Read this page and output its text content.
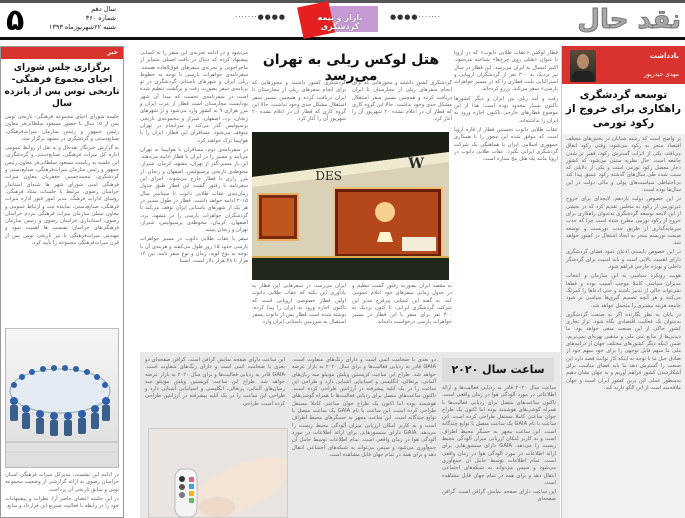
۵	سال دهم
شماره ۳۶۰
شنبه ۲۲شهریورماه ۱۳۹۳
·······●●●●	بازار و بیمه گردشگری
●●●●·······	نقد حال
یادداشت
مهدی حیدرپور
توسعه گردشگری راهکاری برای خروج از رکود تورمی

پر واضح است که رشته شتابان در بخش‌های مختلف اقتصاد منجر به رکود می‌شود، وقتی رکود اتفاق می‌افتد، یکی از اثرات گسترش رکود، فقیر تر شدن جامعه است. حال نظریه سنتی می‌شود که کشور دچار معضل رکود تورمی است و یکی از دلایلی که سبب شده طی سال‌های گذشته رکود عمیق پیدا کند بی‌احتیاطی سیاست‌های پولی و مالی دولت در این سال‌ها بوده است.

در این خصوص دولت یازدهم، لایحه‌ای برای خروج غیرتورمی از رکود به مجلس تقدیم کرد که در بخشی از این لایحه توسعه گردشگری به‌عنوان راهکاری برای خروج از رکود تورمی مطرح شده است چرا که جذب سرمایه‌گذاری از طریق جذب توریست و توسعه صنعت توریسم منجر به ایجاد اشتغال در کشور خواهد شد.

در این خصوص بایستی اذعان نمود فضای گردشگری دارای اهمیت بالایی است و باید امنیت برای گردشگر داخلی و بویژه خارجی فراهم شود.

هویت رویکرد سیاسی به این سازمان و انتخاب مدیران سیاسی کاملا موجب آسیب بوده و قطعا نمی‌تواند خالی از تدبیر باشند و حتی ادعاها را کمرنگ می‌کنند و هر آنچه تصمیم گیری‌ها سیاسی تر شود جامعه هزینه بیشتری را متحمل خواهد شد.

در پایان به نظر نگارنده اگر به صنعت گردشگری به‌عنوان یک فعالیت اقتصادی نگاه شود، تراز تجاری کشور حاکی از این صنعت منفی خواهد بود. ما دیدنی‌ها از منابع غنی ملی و مذهبی بهره‌ای نمی‌بریم، ضمن اینکه دیگر کشورهای مختلف جهان از درآمدهای ملی ما سهم قابل توجهی را برای خود سهم خود از صادق جبل ما با توجه به اینکه کار توانت قصد دارد این صنعت را گسترش دهد ما باید فضای مناسب برای آشکارشدن کشور فراهم آوریم و به جهان نشان دهیم به‌منظور عملی این ترین کشور ایران است و جهان ملاقه‌مند است از این الگو دارید کند.

قطار لوکس «عقاب طلایی دانوب» که در اروپا با عنوان «هتلی روی چرخ‌ها» شناخته می‌شود، اکتبر امسال به ایران می‌رسد. این قطار در سال نیز نزدیک به ۳۰۰ نفر از گردشگران اروپایی و استرالیایی بلیت قطاری را که در مسیر جواهرات پارسی» سفر می‌کند، رزرو کرده‌اند.

رفت و آمد ریلی بین ایران و دیگر کشورها تاکنون بسیار محدود بوده است؛ هدا از این موضوع قطارهای خارجی تاکنون اجازه ورود به ایران را نداشته‌اند.

عقاب طلایی دانوب نخستین قطار از قاره اروپا است که موفق شده این مجوز را با همکاری جمهوری اسلامی ایران با هماهنگی یک شرکت گردشگری ایرانی بگیرد. عقاب طلایی دانوب در اروپا مانند یک هتل پنج ستاره است.

هتل لوکس ریلی به تهران می‌رسد

گردشگری کشور داشتند و مجوزهایی که برای انجام سفرهای ریلی از مجارستان تا ایران دریافت کرده و همچنین مسیر سفر استقلال مشکل جدی وجود نداشت. حالا این گروه کاری که قطار آن در اعلام نشده ۲۰ شهریور آن را آغاز کرد.

گردشگری کشور داشتند و مجوزهایی که برای انجام سفرهای ریلی از مجارستان تا ایران دریافت کرده و همچنین مسیر سفر استقلال مشکل جدی وجود نداشت. حالا این گروه کاری که قطار آن در اعلام نشده ۲۰ شهریور آن را آغاز کرد.

DES
W

ایران می‌رسد. در سفرهایی این قطار به یادآوری این نکته که عقاب طلایی دانوب اولین قطار خصوصی اروپایی است که تاکنون اجازه ورود به ایران را پیدا کرده، نوشته شده است قطار پس از دانوب بسفر استقبال به سرزمین باستانی ایران وارد

به مقصد ایران بصورت رفتور گشت تنظیم و در جدول زمانی سفرهای خود اعلام عمومی کند. به گفته این کمپانی پیرفرج مدیر این شرکت گردشگری ایرانی، تا کنون نزدیک به ۳۰۰ نفر برای سفر با این قطار در مسیر جواهرات پارسی درخواست داده‌اند.

می‌شود و در ادامه تجربه‌ی این سفر را به کسانی پیشنهاد کرده که دنبال در بافت اصیلی متمایز از ماجراجویی و تجربه‌ی سفرهای فوق‌العاده هستند. سفرنامه‌ی جواهرات پارسی با توجه به خطوط ریلی ایران و شهرهای باستانی گردشگری در تو برنامه‌ی سفر بصورت رفت و برگشت تنظیم شده است در سفرنامه‌ی نخست که مبدا آن شهر بوداپست مجارستان است قطار از غرب ایران و مرز هرازی ۹ به کشور وارد می‌شود و از شهرهای زنجان، یزد، اصفهان، شیراز و مجموعه‌ی تاریخی پرسپولیس گذر می‌کند و سرانجام در تهران متوقف می‌شود. مسافران این قطار، ایران را با هواپیما ترک خواهند کرد.

در سفرنامه‌ی دوم، مسافران با هواپیما به تهران می‌آیند و مسیر را در ایران با قطار ادامه می‌دهند. این بار مسیر گذر از تهران، مشهد، کرمان، شیراز، محوطه‌ی تاریخی پرسپولیس، اصفهان و زنجان، از مرز رازی با قطار خارج می‌شوند. اجرای این سفرنامه با رفتور گشت این قطار طبق جدول زمان‌بندی عقاب طلایی دانوب تا سپتامبر سال ۲۰۱۵ ادامه خواهد داشت. قطار در طول مسیر در هر یک از شهرهای باستانی ایران توقف می‌کند تا گردشگران جواهرات پارسی را در مشهد، یزد، اصفهان، کرمان، محوطه‌ی پرسپولیس، شیراز، تهران و زنجان ببینند.

سفر با عقاب طلایی دانوب در مسیر جواهرات پارسی حدود ۱۵ روز طول می‌کشد و هزینه‌ی آن با توجه به نوع کوپه، زمان و نوع سفر نامه، بین ۱۴ هزار تا ۳۸ هزار دلار است. ایسنا

ساعت سال ۲۰۲۰

این ساعت دارای صفحه نمایش گرافن است. گرافن صفحه‌ای دو بعدی با ضخامت اتمی است و دارای رنگ‌های متفاوت است. GAIA قادر به ردیابی فعالیت‌ها و برای سال ۲۰۲۰ به بازار عرضه خواهد شد. طراح این ساعت کریستین ویلش مونیلو سه رسان‌های آلمانی، پرتغالی، انگلیسی و اسپانیایی آشنایی دارد و طراحی این ساعت را در یک آتلیه پیشرفته در آرژانتین طراحی کرده است. طراحی

دو بعدی با ضخامت اتمی است و دارای رنگ‌های متفاوت است. GAIA قادر به ردیابی فعالیت‌ها و برای سال ۲۰۲۰ به بازار عرضه خواهد شد. طراح این ساعت کریستین ویلش مونیلو سه زبان‌های آلمانی، پرتغالی، انگلیسی و اسپانیایی آشنایی دارد و طراحی این ساعت را در یک آتلیه پیشرفته در آرژانتین طراحی کرده است. تاکنون ساعت‌های متصل برای ردیابی فعالیت‌ها با همراه گوشی‌های هوشمند بوده اما اکنون یک طراح جوان ساعتی کاملا مستقل طراحی کرده است. این ساعت با نام GAIA یک ساعت متصل با توابع چندگانه است. این ساعت مجهز به حسگرهای محیط اطراف است و به کاربر امکان ارزیابی میزان آلودگی محیط زیست را می‌دهد. GAIA دارای سنسورهایی برای ارائه اطلاعات در مورد آلودگی هوا در زمان واقعی است. تمام اطلاعات توسط حامل آن جمع‌آوری می‌شود و سپس می‌تواند به شبکه‌های اجتماعی انتقال دهد و برای همه در تمام جهان قابل مشاهده است.

ساعت سال ۲۰۲۰ قادر به ردیابی فعالیت‌ها و ارائه اطلاعاتی در مورد آلودگی هوا در زمان واقعی است. تاکنون ساعت‌های متصل برای ردیابی فعالیت‌ها با همراه گوشی‌های هوشمند بوده اما اکنون یک طراح جوان ساعتی کاملا مستقل طراحی کرده است. این ساعت با نام GAIA یک ساعت متصل با توابع چندگانه است. این ساعت مجهز به حسگر محیط اطراف است و به کاربر امکان ارزیابی میزان آلودگی محیط زیست را می‌دهد. GAIA دارای سنسورهایی برای ارائه اطلاعات در مورد آلودگی هوا در زمان واقعی است. تمام اطلاعات توسط حامل آن جمع‌آوری می‌شود و سپس می‌تواند به شبکه‌های اجتماعی انتقال دهد و برای همه در تمام جهان قابل مشاهده است.

این ساعت دارای صفحه نمایش گرافن است. گرافن صفحه‌ای

خبر
برگزاری جلس شورای احیای مجموع فرهنگی- تاریخی توس پس از پانزده سال

جلسه شورای احیای مجموعه فرهنگی- تاریخی توس پس از ۱۵ سال با حضور مسعود سلطانی‌فر معاون رئیس جمهور و رئیس سازمان میراث‌فرهنگی، صنایع‌دستی و گردشگری در مشهد برگزار شد.

به گزارش خبرنگار نقدحال و به نقل از روابط عمومی اداره کل میراث فرهنگی، صنایع‌دستی و گردشگری، این جلسه به ریاست مسعود سلطانی‌فر معاون رئیس جمهور و رئیس سازمان میراث‌فرهنگی، صنایع‌دستی و گردشگری، محمدحسین جعفریان معاون میراث فرهنگی امنی شورای شهر ها شبه‌ای استاندار خراسان رضوی، مرتبط با جلسات ستاد فرهنگی، رؤسای ادارات فرهنگ، مدیر امور قبور اداره میراث فرهنگی، صنایع‌دستی، نماینده ثبت و ارتباط عمومی و معاون نسلی سازمان میراث فرهنگی مردم خراسان رضوی، استانداری خراسان رضوی و رئیس سازمان فرهنگی‌های خراسان نشست ها اهمیت نمود و مهندس میراث‌فرهنگی با نیز تاریخی توس پس از قرن میراث‌فرهنگی مجموعه را تأیید کرد.

در ادامه این نشست، مدیرکل میراث فرهنگی استان خراسان رضوی به ارائه گزارشی از وضعیت مجموعه توس و سابق تاریخی آن پرداخت.

در این جلسه اعضای حاضر آرا، نظرات و پیشنهادات خود را در رابطه با فعالیت تسریع این قرارداد و منابع
